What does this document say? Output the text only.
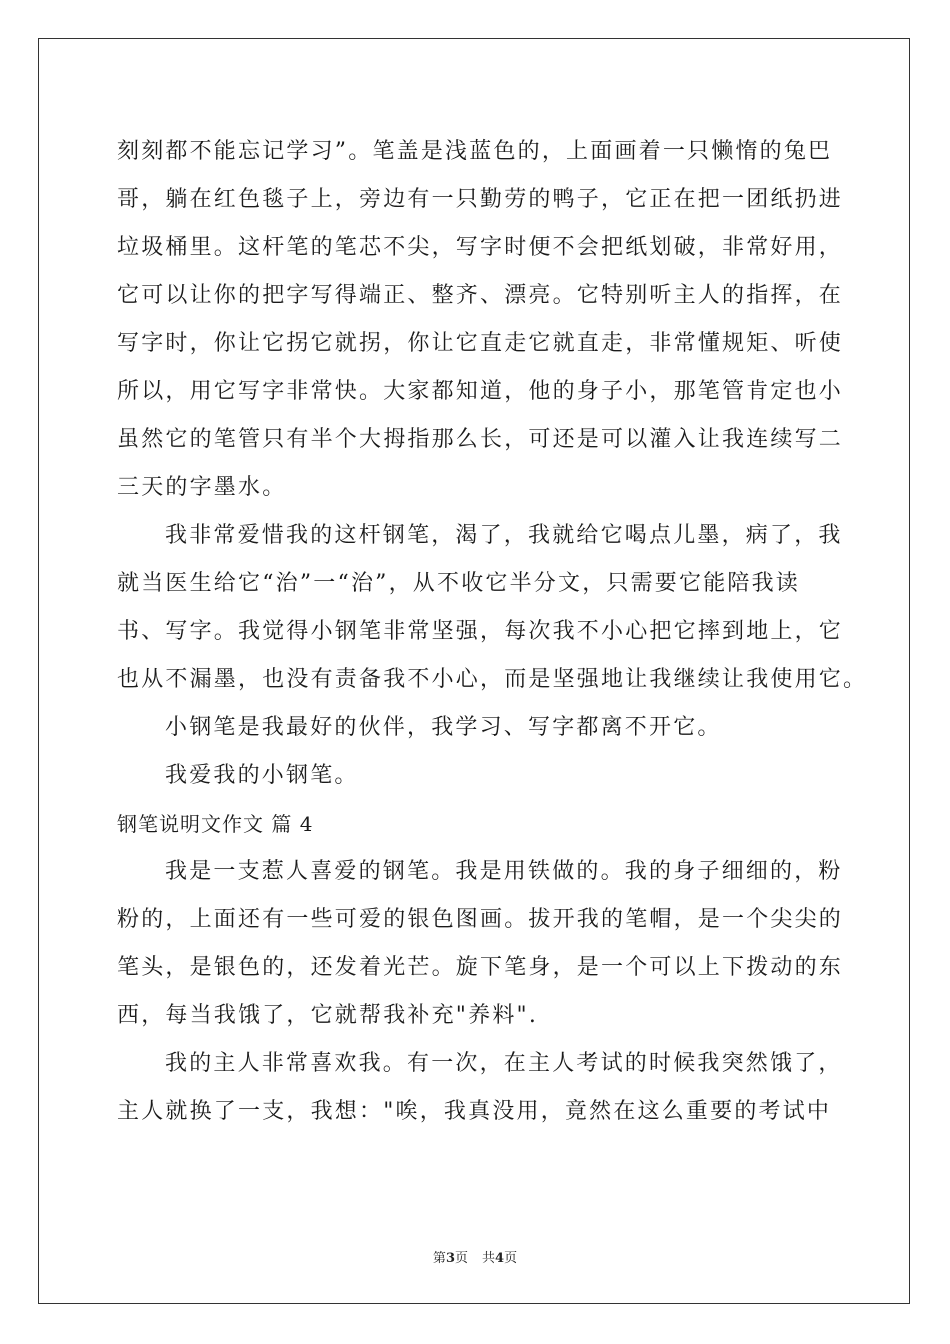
刻刻都不能忘记学习”。笔盖是浅蓝色的，上面画着一只懒惰的兔巴
哥，躺在红色毯子上，旁边有一只勤劳的鸭子，它正在把一团纸扔进
垃圾桶里。这杆笔的笔芯不尖，写字时便不会把纸划破，非常好用，
它可以让你的把字写得端正、整齐、漂亮。它特别听主人的指挥，在
写字时，你让它拐它就拐，你让它直走它就直走，非常懂规矩、听使
所以，用它写字非常快。大家都知道，他的身子小，那笔管肯定也小
虽然它的笔管只有半个大拇指那么长，可还是可以灌入让我连续写二
三天的字墨水。
我非常爱惜我的这杆钢笔，渴了，我就给它喝点儿墨，病了，我
就当医生给它“治”一“治”，从不收它半分文，只需要它能陪我读
书、写字。我觉得小钢笔非常坚强，每次我不小心把它摔到地上，它
也从不漏墨，也没有责备我不小心，而是坚强地让我继续让我使用它。
小钢笔是我最好的伙伴，我学习、写字都离不开它。
我爱我的小钢笔。
钢笔说明文作文 篇 4
我是一支惹人喜爱的钢笔。我是用铁做的。我的身子细细的，粉
粉的，上面还有一些可爱的银色图画。拔开我的笔帽，是一个尖尖的
笔头，是银色的，还发着光芒。旋下笔身，是一个可以上下拨动的东
西，每当我饿了，它就帮我补充"养料".
我的主人非常喜欢我。有一次，在主人考试的时候我突然饿了，
主人就换了一支，我想："唉，我真没用，竟然在这么重要的考试中
第3页 共4页
